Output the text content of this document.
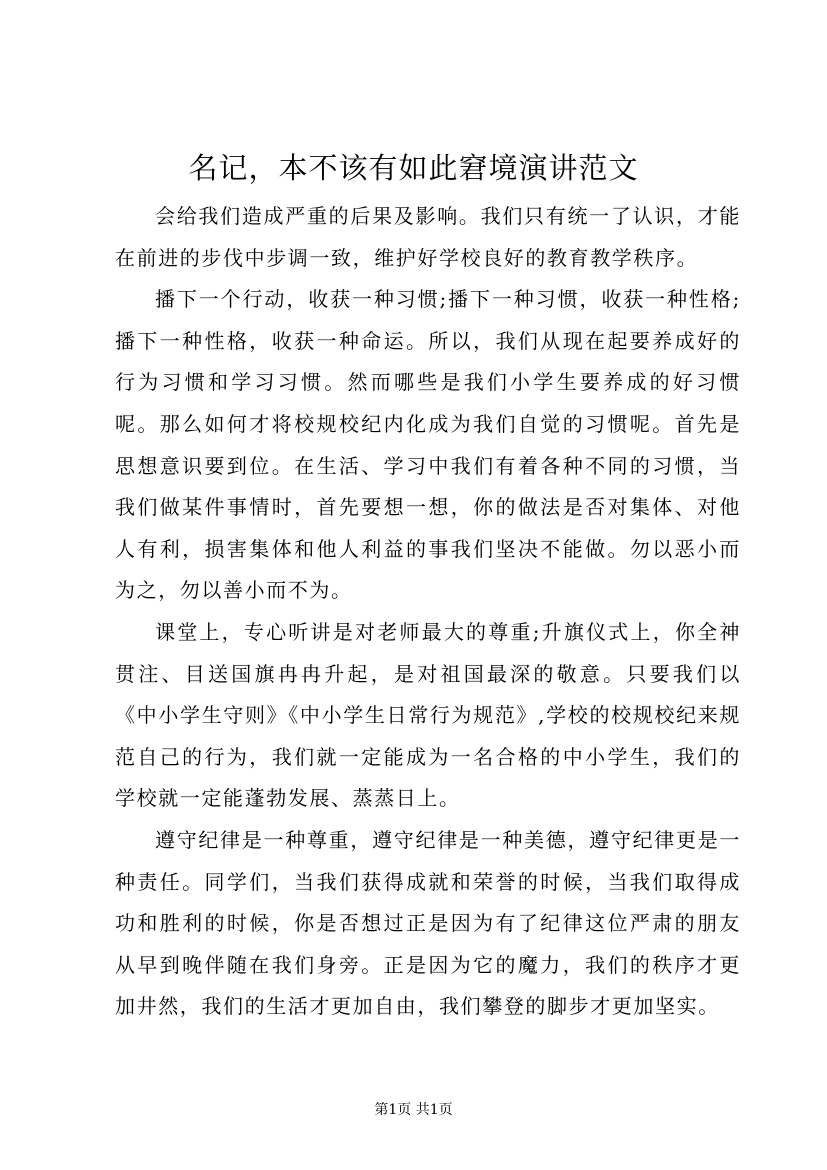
名记，本不该有如此窘境演讲范文

会给我们造成严重的后果及影响。我们只有统一了认识，才能在前进的步伐中步调一致，维护好学校良好的教育教学秩序。

播下一个行动，收获一种习惯;播下一种习惯，收获一种性格;播下一种性格，收获一种命运。所以，我们从现在起要养成好的行为习惯和学习习惯。然而哪些是我们小学生要养成的好习惯呢。那么如何才将校规校纪内化成为我们自觉的习惯呢。首先是思想意识要到位。在生活、学习中我们有着各种不同的习惯，当我们做某件事情时，首先要想一想，你的做法是否对集体、对他人有利，损害集体和他人利益的事我们坚决不能做。勿以恶小而为之，勿以善小而不为。

课堂上，专心听讲是对老师最大的尊重;升旗仪式上，你全神贯注、目送国旗冉冉升起，是对祖国最深的敬意。只要我们以《中小学生守则》《中小学生日常行为规范》,学校的校规校纪来规范自己的行为，我们就一定能成为一名合格的中小学生，我们的学校就一定能蓬勃发展、蒸蒸日上。

遵守纪律是一种尊重，遵守纪律是一种美德，遵守纪律更是一种责任。同学们，当我们获得成就和荣誉的时候，当我们取得成功和胜利的时候，你是否想过正是因为有了纪律这位严肃的朋友从早到晚伴随在我们身旁。正是因为它的魔力，我们的秩序才更加井然，我们的生活才更加自由，我们攀登的脚步才更加坚实。

第1页 共1页
